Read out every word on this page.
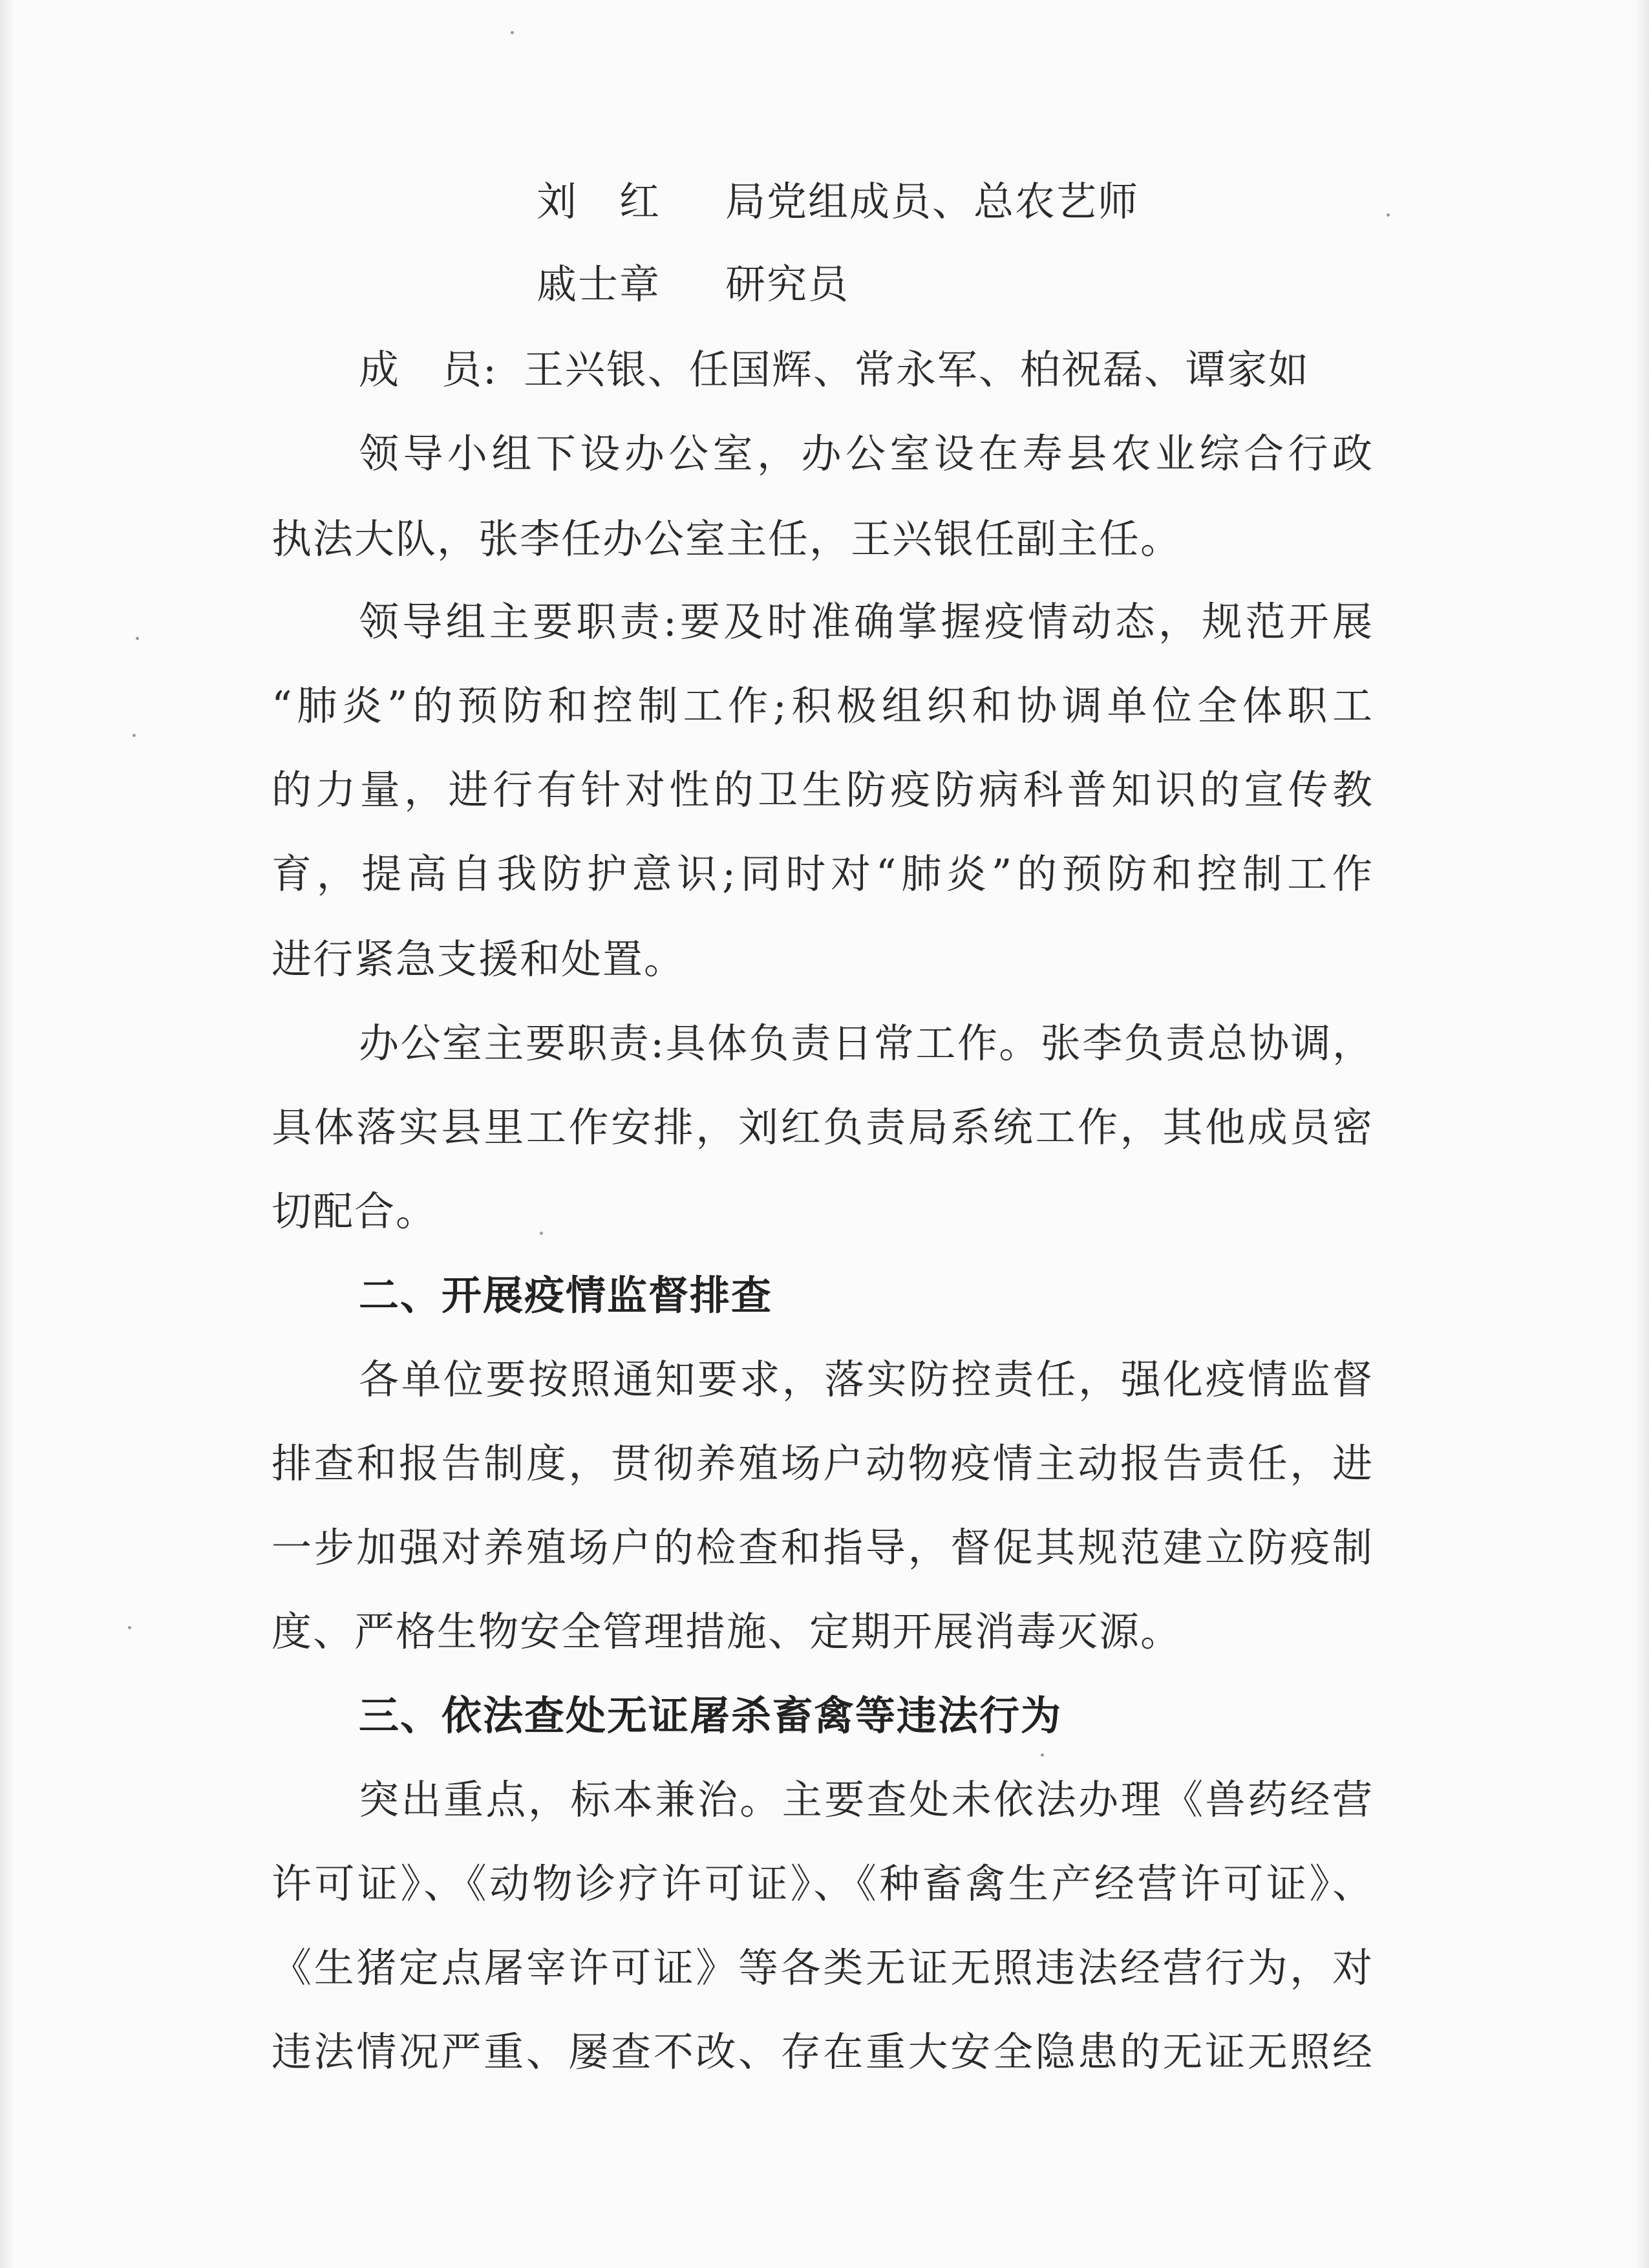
刘　红 局党组成员、总农艺师
戚士章 研究员
成　员: 王兴银、任国辉、常永军、柏祝磊、谭家如
领导小组下设办公室，办公室设在寿县农业综合行政
执法大队，张李任办公室主任，王兴银任副主任。
领导组主要职责:要及时准确掌握疫情动态，规范开展
“肺炎”的预防和控制工作;积极组织和协调单位全体职工
的力量，进行有针对性的卫生防疫防病科普知识的宣传教
育，提高自我防护意识;同时对“肺炎”的预防和控制工作
进行紧急支援和处置。
办公室主要职责:具体负责日常工作。张李负责总协调，
具体落实县里工作安排，刘红负责局系统工作，其他成员密
切配合。
二、开展疫情监督排查
各单位要按照通知要求，落实防控责任，强化疫情监督
排查和报告制度，贯彻养殖场户动物疫情主动报告责任，进
一步加强对养殖场户的检查和指导，督促其规范建立防疫制
度、严格生物安全管理措施、定期开展消毒灭源。
三、依法查处无证屠杀畜禽等违法行为
突出重点，标本兼治。主要查处未依法办理《兽药经营
许可证》、《动物诊疗许可证》、《种畜禽生产经营许可证》、
《生猪定点屠宰许可证》等各类无证无照违法经营行为，对
违法情况严重、屡查不改、存在重大安全隐患的无证无照经
